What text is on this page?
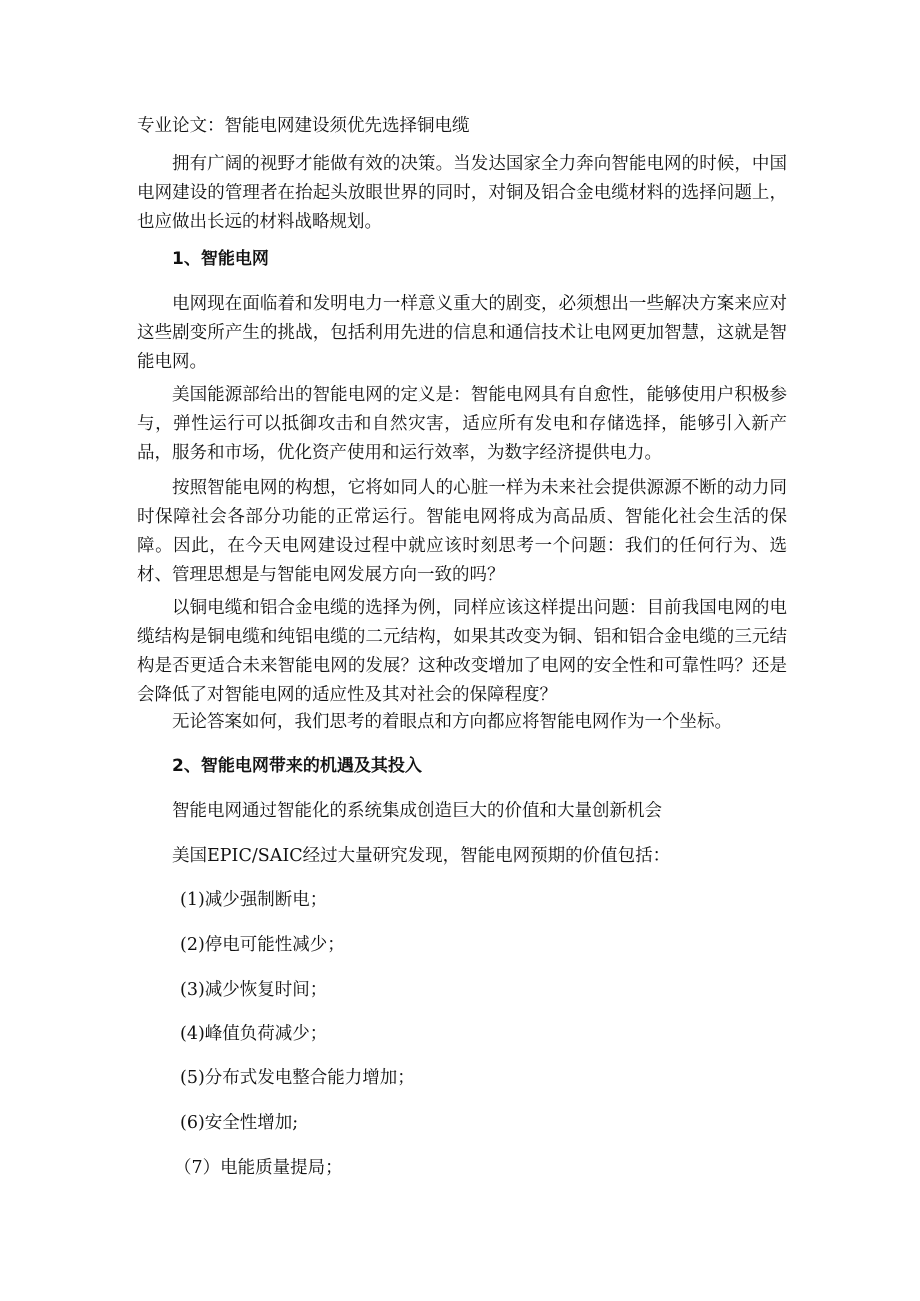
专业论文：智能电网建设须优先选择铜电缆

拥有广阔的视野才能做有效的决策。当发达国家全力奔向智能电网的时候，中国电网建设的管理者在抬起头放眼世界的同时，对铜及铝合金电缆材料的选择问题上，也应做出长远的材料战略规划。

1、智能电网

电网现在面临着和发明电力一样意义重大的剧变，必须想出一些解决方案来应对这些剧变所产生的挑战，包括利用先进的信息和通信技术让电网更加智慧，这就是智能电网。

美国能源部给出的智能电网的定义是：智能电网具有自愈性，能够使用户积极参与，弹性运行可以抵御攻击和自然灾害，适应所有发电和存储选择，能够引入新产品，服务和市场，优化资产使用和运行效率，为数字经济提供电力。

按照智能电网的构想，它将如同人的心脏一样为未来社会提供源源不断的动力同时保障社会各部分功能的正常运行。智能电网将成为高品质、智能化社会生活的保障。因此，在今天电网建设过程中就应该时刻思考一个问题：我们的任何行为、选材、管理思想是与智能电网发展方向一致的吗？

以铜电缆和铝合金电缆的选择为例，同样应该这样提出问题：目前我国电网的电缆结构是铜电缆和纯铝电缆的二元结构，如果其改变为铜、铝和铝合金电缆的三元结构是否更适合未来智能电网的发展？这种改变增加了电网的安全性和可靠性吗？还是会降低了对智能电网的适应性及其对社会的保障程度？

无论答案如何，我们思考的着眼点和方向都应将智能电网作为一个坐标。

2、智能电网带来的机遇及其投入

智能电网通过智能化的系统集成创造巨大的价值和大量创新机会

美国EPIC/SAIC经过大量研究发现，智能电网预期的价值包括：

(1)减少强制断电；

(2)停电可能性减少；

(3)减少恢复时间；

(4)峰值负荷减少；

(5)分布式发电整合能力增加；

(6)安全性增加;

（7）电能质量提局；
